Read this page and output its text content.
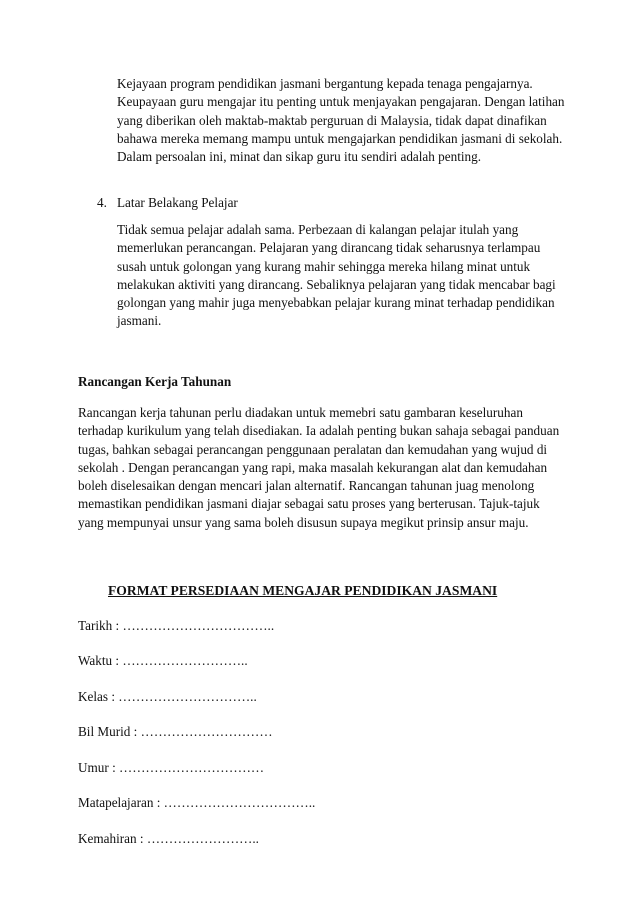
Kejayaan program pendidikan jasmani bergantung kepada tenaga pengajarnya. Keupayaan guru mengajar itu penting untuk menjayakan pengajaran. Dengan latihan yang diberikan oleh maktab-maktab perguruan di Malaysia, tidak dapat dinafikan bahawa mereka memang mampu untuk mengajarkan pendidikan jasmani di sekolah. Dalam persoalan ini, minat dan sikap guru itu sendiri adalah penting.

4. Latar Belakang Pelajar

Tidak semua pelajar adalah sama. Perbezaan di kalangan pelajar itulah yang memerlukan perancangan. Pelajaran yang dirancang tidak seharusnya terlampau susah untuk golongan yang kurang mahir sehingga mereka hilang minat untuk melakukan aktiviti yang dirancang. Sebaliknya pelajaran yang tidak mencabar bagi golongan yang mahir juga menyebabkan pelajar kurang minat terhadap pendidikan jasmani.

Rancangan Kerja Tahunan

Rancangan kerja tahunan perlu diadakan untuk memebri satu gambaran keseluruhan terhadap kurikulum yang telah disediakan. Ia adalah penting bukan sahaja sebagai panduan tugas, bahkan sebagai perancangan penggunaan peralatan dan kemudahan yang wujud di sekolah . Dengan perancangan yang rapi, maka masalah kekurangan alat dan kemudahan boleh diselesaikan dengan mencari jalan alternatif. Rancangan tahunan juag menolong memastikan pendidikan jasmani diajar sebagai satu proses yang berterusan. Tajuk-tajuk yang mempunyai unsur yang sama boleh disusun supaya megikut prinsip ansur maju.

FORMAT PERSEDIAAN MENGAJAR PENDIDIKAN JASMANI

Tarikh : ……………………………..

Waktu : ………………………..

Kelas : …………………………..

Bil Murid : …………………………

Umur : ……………………………

Matapelajaran : ……………………………..

Kemahiran : ……………………..
